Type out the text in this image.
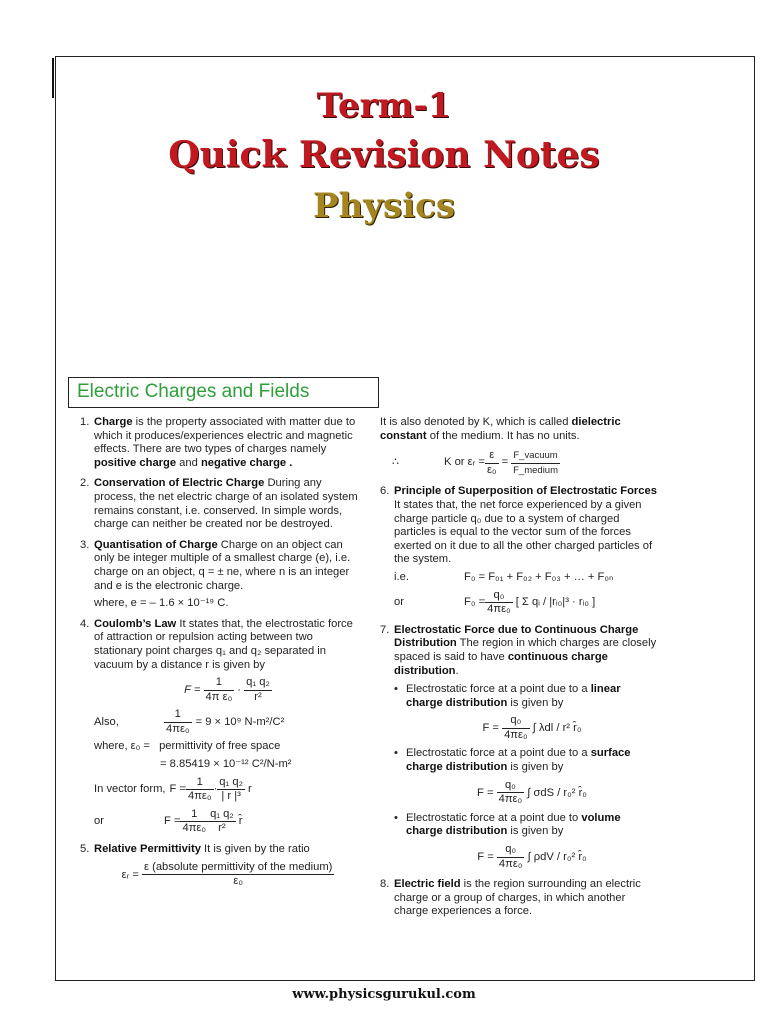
Term-1
Quick Revision Notes
Physics
Electric Charges and Fields
1. Charge is the property associated with matter due to which it produces/experiences electric and magnetic effects. There are two types of charges namely positive charge and negative charge .
2. Conservation of Electric Charge During any process, the net electric charge of an isolated system remains constant, i.e. conserved. In simple words, charge can neither be created nor be destroyed.
3. Quantisation of Charge Charge on an object can only be integer multiple of a smallest charge (e), i.e. charge on an object, q = ± ne, where n is an integer and e is the electronic charge.
where, e = – 1.6 × 10⁻¹⁹ C.
4. Coulomb’s Law It states that, the electrostatic force of attraction or repulsion acting between two stationary point charges q₁ and q₂ separated in vacuum by a distance r is given by
$F = \frac{1}{\text{4π ε₀}} \cdot \frac{\text{q₁ q₂}}{\text{r²}}$
Also,	$\frac{1}{\text{4πε₀}} = 9 \times 10^9$ N-m²/C²
where, ε₀ = permittivity of free space
= 8.85419 × 10⁻¹² C²/N-m²
In vector form, $F = \frac{1}{\text{4πε₀}} \cdot \frac{\text{q₁ q₂}}{\text{| r |³}}$ r
or	$F = \frac{1}{\text{4πε₀}} \frac{\text{q₁ q₂}}{\text{r²}}$ r̂
5. Relative Permittivity It is given by the ratio
εᵣ = $\frac{\text{ε (absolute permittivity of the medium)}}{\text{ε₀}}$
It is also denoted by K, which is called dielectric constant of the medium. It has no units.
∴	K or εᵣ = $\frac{\varepsilon}{\text{ε₀}} = \frac{\text{F\_vacuum}}{\text{F\_medium}}$
6. Principle of Superposition of Electrostatic Forces It states that, the net force experienced by a given charge particle q₀ due to a system of charged particles is equal to the vector sum of the forces exerted on it due to all the other charged particles of the system.
i.e.	F₀ = F₀₁ + F₀₂ + F₀₃ + … + F₀ₙ
or	$F_0 = \frac{\text{q₀}}{\text{4πε₀}}$ [ Σ qᵢ / |rᵢ₀|³ · rᵢ₀ ]
7. Electrostatic Force due to Continuous Charge Distribution The region in which charges are closely spaced is said to have continuous charge distribution.
• Electrostatic force at a point due to a linear charge distribution is given by
$F = \frac{\text{q₀}}{\text{4πε₀}}$ ∫ λdl / r² r̂₀
• Electrostatic force at a point due to a surface charge distribution is given by
$F = \frac{\text{q₀}}{\text{4πε₀}}$ ∫ σdS / r₀² r̂₀
• Electrostatic force at a point due to volume charge distribution is given by
$F = \frac{\text{q₀}}{\text{4πε₀}}$ ∫ ρdV / r₀² r̂₀
8. Electric field is the region surrounding an electric charge or a group of charges, in which another charge experiences a force.
www.physicsgurukul.com
